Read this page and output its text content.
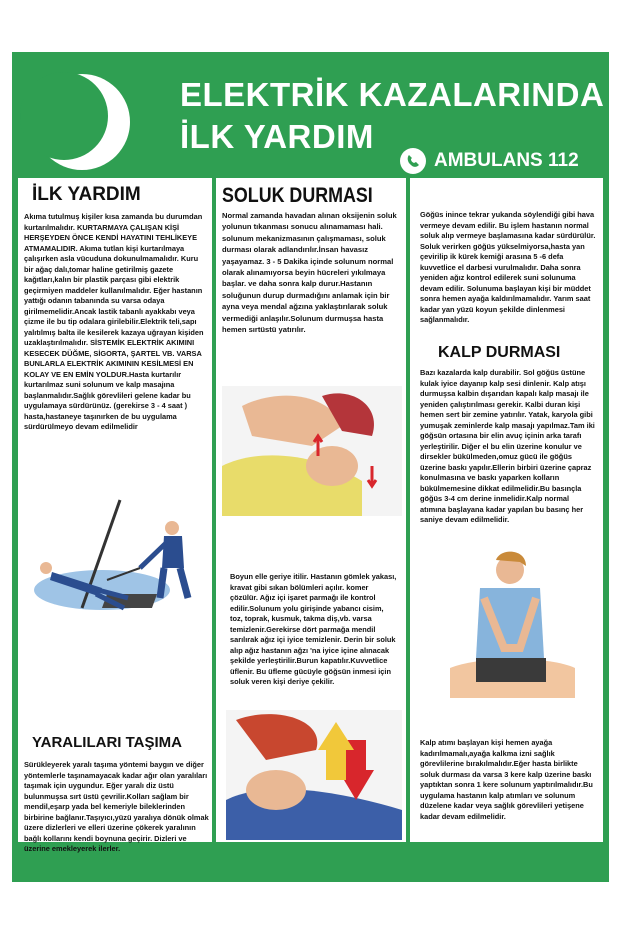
ELEKTRİK KAZALARINDA
İLK YARDIM
AMBULANS 112
İLK YARDIM
Akıma tutulmuş kişiler kısa zamanda bu durumdan kurtarılmalıdır. KURTARMAYA ÇALIŞAN KİŞİ HERŞEYDEN ÖNCE KENDİ HAYATINI TEHLİKEYE ATMAMALIDIR. Akıma tutlan kişi kurtarılmaya çalışırken asla vücuduna dokunulmamalıdır. Kuru bir ağaç dalı,tomar haline getirilmiş gazete kağıtları,kalın bir plastik parçası gibi elektrik geçirmiyen maddeler kullanılmalıdır. Eğer hastanın yattığı odanın tabanında su varsa odaya girilmemelidir.Ancak lastik tabanlı ayakkabı veya çizme ile bu tip odalara girilebilir.Elektrik teli,sapı yalıtılmış balta ile kesilerek kazaya uğrayan kişiden uzaklaştırılmalıdır. SİSTEMİK ELEKTRİK AKIMINI KESECEK DÜĞME, SİGORTA, ŞARTEL VB. VARSA BUNLARLA ELEKTRİK AKIMININ KESİLMESİ EN KOLAY VE EN EMİN YOLDUR.Hasta kurtarılır kurtarılmaz suni solunum ve kalp masajına başlanmalıdır.Sağlık görevlileri gelene kadar bu uygulamaya sürdürünüz. (gerekirse 3 - 4 saat ) hasta,hastaneye taşınırken de bu uygulama sürdürülmeyo devam edilmelidir
YARALILARI TAŞIMA
Sürükleyerek yaralı taşıma yöntemi baygın ve diğer yöntemlerle taşınamayacak kadar ağır olan yaralıları taşımak için uygundur. Eğer yaralı diz üstü bulunmuşsa sırt üstü çevrilir.Kolları sağlam bir mendil,eşarp yada bel kemeriyle bileklerinden birbirine bağlanır.Taşıyıcı,yüzü yaralıya dönük olmak üzere dizlerleri ve elleri üzerine çökerek yaralının bağlı kollarını kendi boynuna geçirir. Dizleri ve üzerine emekleyerek ilerler.
SOLUK DURMASI
Normal zamanda havadan alınan oksijenin soluk yolunun tıkanması sonucu alınamaması hali. solunum mekanizmasının çalışmaması, soluk durması olarak adlandırılır.İnsan havasız yaşayamaz. 3 - 5 Dakika içinde solunum normal olarak alınamıyorsa beyin hücreleri yıkılmaya başlar. ve daha sonra kalp durur.Hastanın soluğunun durup durmadığını anlamak için bir ayna veya mendal ağzına yaklaştırılarak soluk vermediği anlaşılır.Solunum durmuşsa hasta hemen sırtüstü yatırılır.
Boyun elle geriye itilir. Hastanın gömlek yakası, kravat gibi sıkan bölümleri açılır. komer çözülür. Ağız içi işaret parmağı ile kontrol edilir.Solunum yolu girişinde yabancı cisim, toz, toprak, kusmuk, takma diş,vb. varsa temizlenir.Gerekirse dört parmağa mendil sarılırak ağız içi iyice temizlenir. Derin bir soluk alıp ağız hastanın ağzı 'na iyice içine alınacak şekilde yerleştirilir.Burun kapatılır.Kuvvetlice üflenir. Bu üfleme gücüyle göğsün inmesi için soluk veren kişi deriye çekilir.
Göğüs inince tekrar yukanda söylendiği gibi hava vermeye devam edilir. Bu işlem hastanın normal soluk alıp vermeye başlamasına kadar sürdürülür. Soluk verirken göğüs yükselmiyorsa,hasta yan çevirilip ik kürek kemiği arasına 5 -6 defa kuvvetlice el darbesi vurulmalıdır. Daha sonra yeniden ağız kontrol edilerek suni solunuma devam edilir. Solunuma başlayan kişi bir müddet sonra hemen ayağa kaldırılmamalıdır. Yarım saat kadar yan yüzü koyun şekilde dinlenmesi sağlanmalıdır.
KALP DURMASI
Bazı kazalarda kalp durabilir. Sol göğüs üstüne kulak iyice dayanıp kalp sesi dinlenir. Kalp atışı durmuşsa kalbin dışarıdan kapalı kalp masajı ile yeniden çalıştırılması gerekir. Kalbi duran kişi hemen sert bir zemine yatırılır. Yatak, karyola gibi yumuşak zeminlerde kalp masajı yapılmaz.Tam iki göğsün ortasına bir elin avuç içinin arka tarafı yerleştirilir. Diğer el bu elin üzerine konulur ve dirsekler bükülmeden,omuz gücü ile göğüs üzerine baskı yapılır.Ellerin birbiri üzerine çapraz konulmasına ve baskı yaparken kolların bükülmemesine dikkat edilmelidir.Bu basınçla göğüs 3-4 cm derine inmelidir.Kalp normal atımına başlayana kadar yapılan bu basınç her saniye devam edilmelidir.
Kalp atımı başlayan kişi hemen ayağa kadırılmamalı,ayağa kalkma izni sağlık görevlilerine bırakılmalıdır.Eğer hasta birlikte soluk durması da varsa 3 kere kalp üzerine baskı yaptıktan sonra 1 kere solunum yaptırılmalıdır.Bu uygulama hastanın kalp atımları ve solunum düzelene kadar veya sağlık görevlileri yetişene kadar devam edilmelidir.
